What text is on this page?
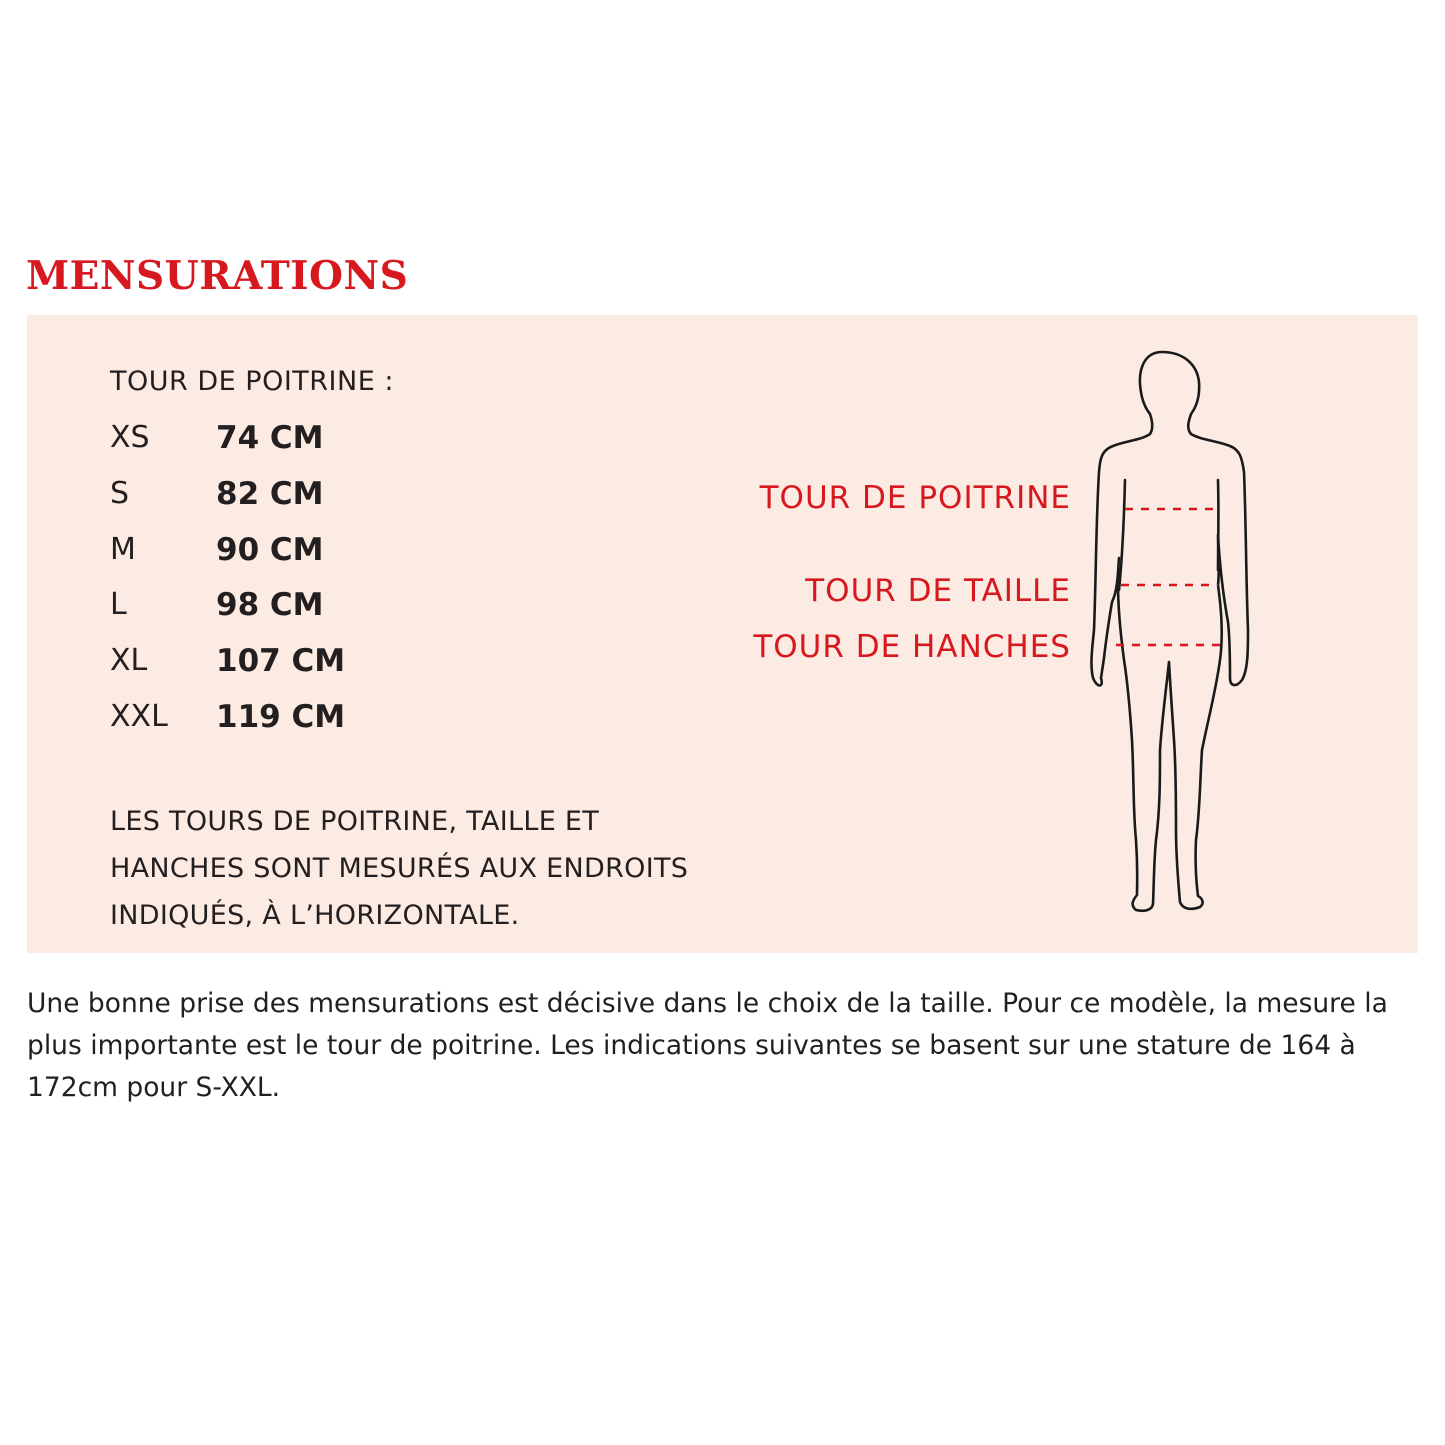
MENSURATIONS
TOUR DE POITRINE :
XS 74 CM
S	82 CM
M	90 CM
L	98 CM
XL 107 CM
XXL 119 CM
LES TOURS DE POITRINE, TAILLE ET
HANCHES SONT MESURÉS AUX ENDROITS
INDIQUÉS, À L’HORIZONTALE.
TOUR DE POITRINE
TOUR DE TAILLE
TOUR DE HANCHES
Une bonne prise des mensurations est décisive dans le choix de la taille. Pour ce modèle, la mesure la
plus importante est le tour de poitrine. Les indications suivantes se basent sur une stature de 164 à
172cm pour S-XXL.
